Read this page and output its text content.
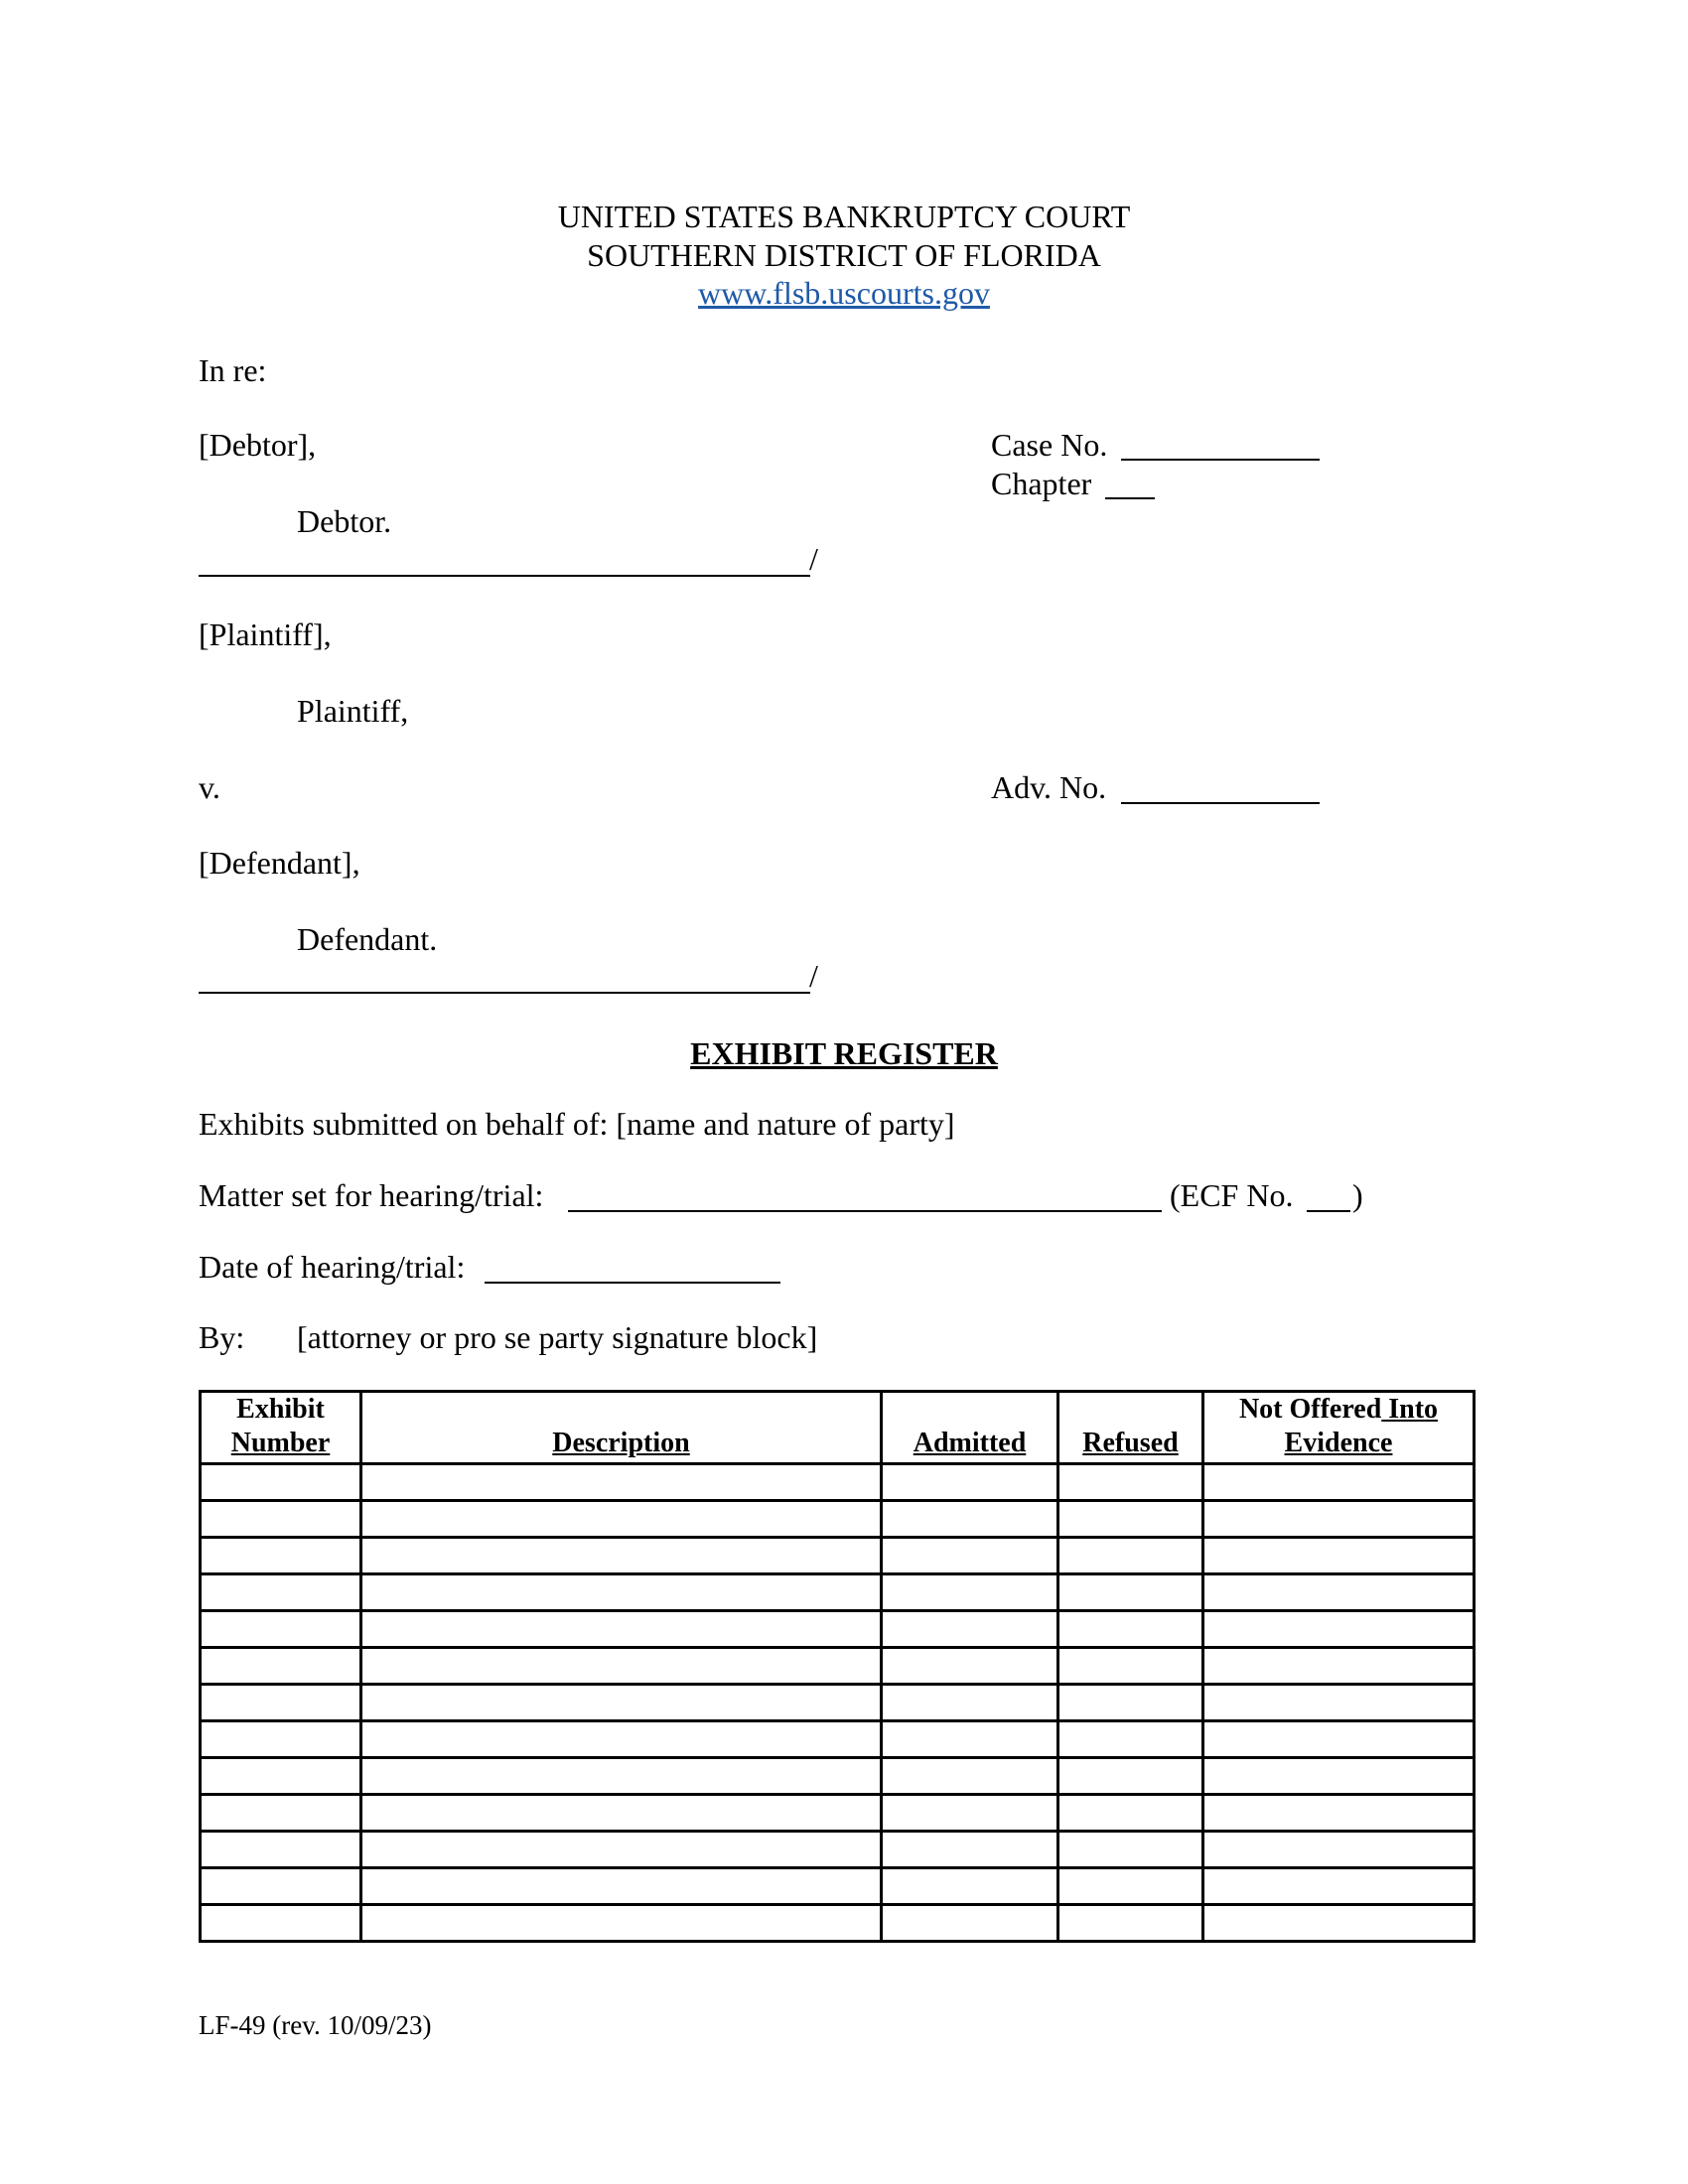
UNITED STATES BANKRUPTCY COURT
SOUTHERN DISTRICT OF FLORIDA
www.flsb.uscourts.gov
In re:
[Debtor],	Case No.
Chapter
Debtor.
/
[Plaintiff],
Plaintiff,
v.	Adv. No.
[Defendant],
Defendant.
/
EXHIBIT REGISTER
Exhibits submitted on behalf of: [name and nature of party]
Matter set for hearing/trial:	(ECF No. )
Date of hearing/trial:
By: [attorney or pro se party signature block]
Exhibit
Number	Description	Admitted	Refused	Not Offered Into
Evidence

LF-49 (rev. 10/09/23)
